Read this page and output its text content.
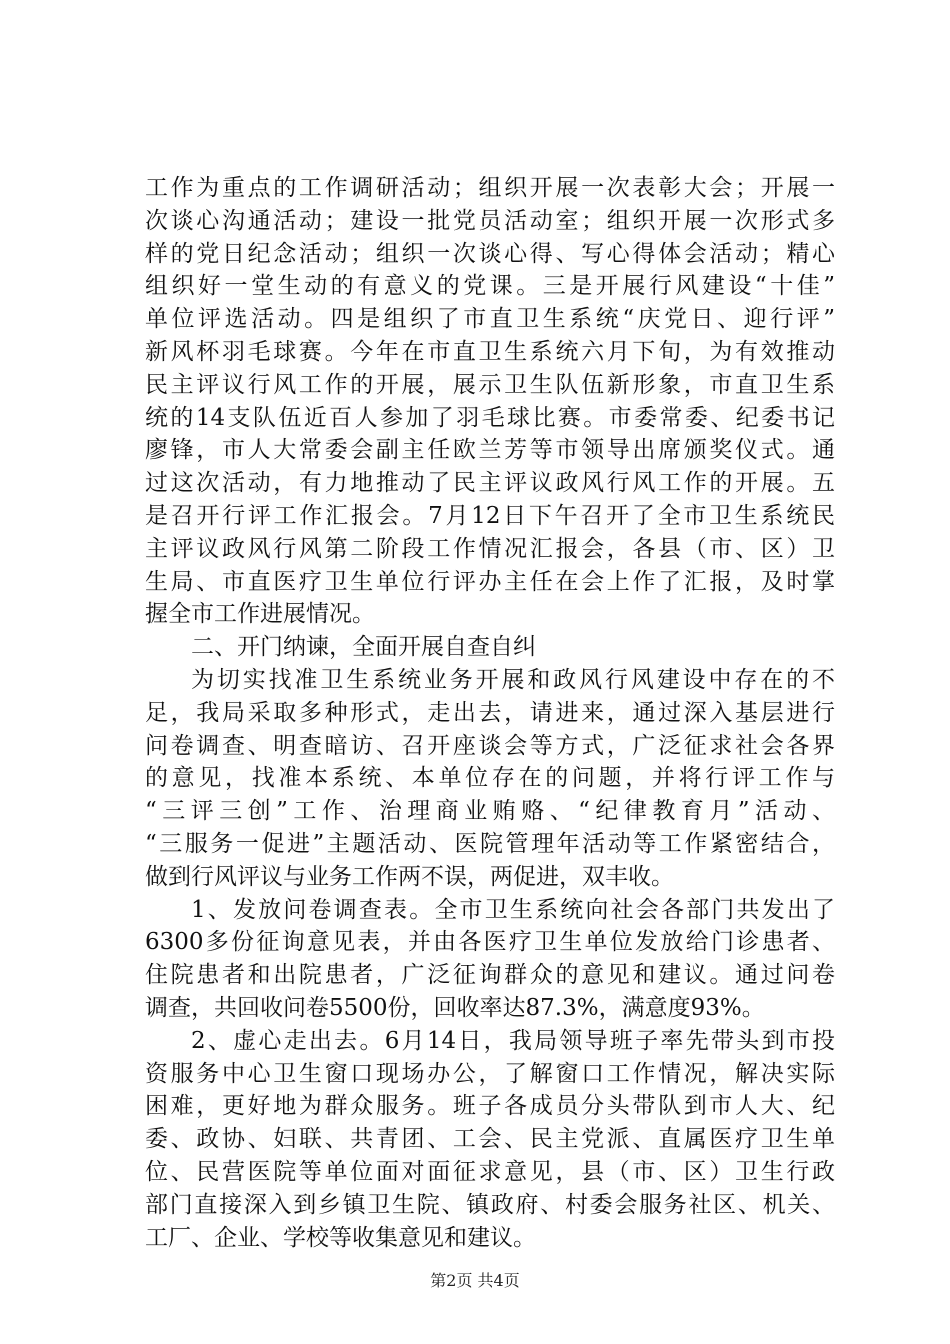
工作为重点的工作调研活动；组织开展一次表彰大会；开展一
次谈心沟通活动；建设一批党员活动室；组织开展一次形式多
样的党日纪念活动；组织一次谈心得、写心得体会活动；精心
组织好一堂生动的有意义的党课。三是开展行风建设“十佳”
单位评选活动。四是组织了市直卫生系统“庆党日、迎行评”
新风杯羽毛球赛。今年在市直卫生系统六月下旬，为有效推动
民主评议行风工作的开展，展示卫生队伍新形象，市直卫生系
统的14支队伍近百人参加了羽毛球比赛。市委常委、纪委书记
廖锋，市人大常委会副主任欧兰芳等市领导出席颁奖仪式。通
过这次活动，有力地推动了民主评议政风行风工作的开展。五
是召开行评工作汇报会。7月12日下午召开了全市卫生系统民
主评议政风行风第二阶段工作情况汇报会，各县（市、区）卫
生局、市直医疗卫生单位行评办主任在会上作了汇报，及时掌
握全市工作进展情况。
二、开门纳谏，全面开展自查自纠
为切实找准卫生系统业务开展和政风行风建设中存在的不
足，我局采取多种形式，走出去，请进来，通过深入基层进行
问卷调查、明查暗访、召开座谈会等方式，广泛征求社会各界
的意见，找准本系统、本单位存在的问题，并将行评工作与
“三评三创”工作、治理商业贿赂、“纪律教育月”活动、
“三服务一促进”主题活动、医院管理年活动等工作紧密结合，
做到行风评议与业务工作两不误，两促进，双丰收。
1、发放问卷调查表。全市卫生系统向社会各部门共发出了
6300多份征询意见表，并由各医疗卫生单位发放给门诊患者、
住院患者和出院患者，广泛征询群众的意见和建议。通过问卷
调查，共回收问卷5500份，回收率达87.3%，满意度93%。
2、虚心走出去。6月14日，我局领导班子率先带头到市投
资服务中心卫生窗口现场办公，了解窗口工作情况，解决实际
困难，更好地为群众服务。班子各成员分头带队到市人大、纪
委、政协、妇联、共青团、工会、民主党派、直属医疗卫生单
位、民营医院等单位面对面征求意见，县（市、区）卫生行政
部门直接深入到乡镇卫生院、镇政府、村委会服务社区、机关、
工厂、企业、学校等收集意见和建议。
第2页 共4页
